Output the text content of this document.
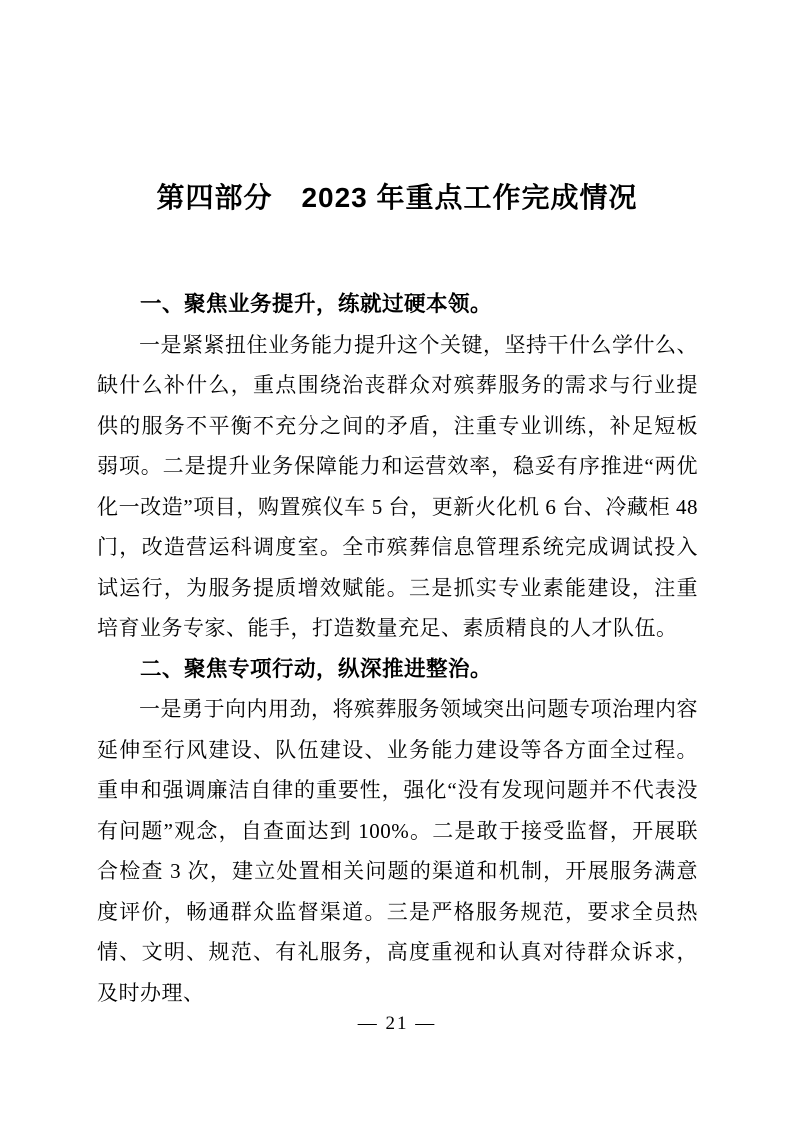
第四部分　2023 年重点工作完成情况
一、聚焦业务提升，练就过硬本领。

一是紧紧扭住业务能力提升这个关键，坚持干什么学什么、缺什么补什么，重点围绕治丧群众对殡葬服务的需求与行业提供的服务不平衡不充分之间的矛盾，注重专业训练，补足短板弱项。二是提升业务保障能力和运营效率，稳妥有序推进“两优化一改造”项目，购置殡仪车 5 台，更新火化机 6 台、冷藏柜 48 门，改造营运科调度室。全市殡葬信息管理系统完成调试投入试运行，为服务提质增效赋能。三是抓实专业素能建设，注重培育业务专家、能手，打造数量充足、素质精良的人才队伍。

二、聚焦专项行动，纵深推进整治。

一是勇于向内用劲，将殡葬服务领域突出问题专项治理内容延伸至行风建设、队伍建设、业务能力建设等各方面全过程。重申和强调廉洁自律的重要性，强化“没有发现问题并不代表没有问题”观念，自查面达到 100%。二是敢于接受监督，开展联合检查 3 次，建立处置相关问题的渠道和机制，开展服务满意度评价，畅通群众监督渠道。三是严格服务规范，要求全员热情、文明、规范、有礼服务，高度重视和认真对待群众诉求，及时办理、

— 21 —
